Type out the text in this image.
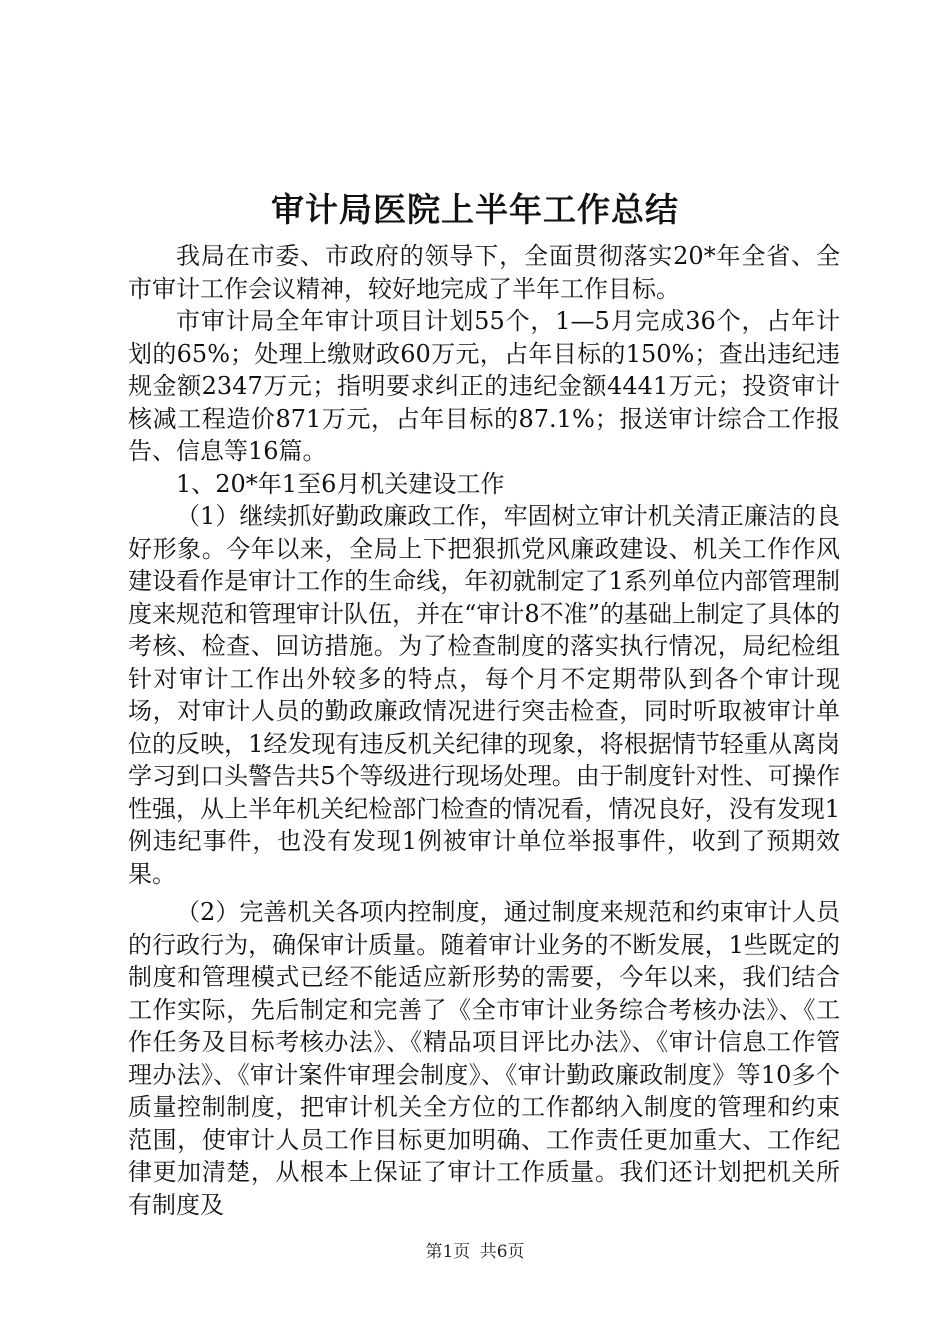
审计局医院上半年工作总结

我局在市委、市政府的领导下，全面贯彻落实20*年全省、全市审计工作会议精神，较好地完成了半年工作目标。

市审计局全年审计项目计划55个，1—5月完成36个，占年计划的65%；处理上缴财政60万元，占年目标的150%；查出违纪违规金额2347万元；指明要求纠正的违纪金额4441万元；投资审计核减工程造价871万元，占年目标的87.1%；报送审计综合工作报告、信息等16篇。

1、20*年1至6月机关建设工作

（1）继续抓好勤政廉政工作，牢固树立审计机关清正廉洁的良好形象。今年以来，全局上下把狠抓党风廉政建设、机关工作作风建设看作是审计工作的生命线，年初就制定了1系列单位内部管理制度来规范和管理审计队伍，并在“审计8不准”的基础上制定了具体的考核、检查、回访措施。为了检查制度的落实执行情况，局纪检组针对审计工作出外较多的特点，每个月不定期带队到各个审计现场，对审计人员的勤政廉政情况进行突击检查，同时听取被审计单位的反映，1经发现有违反机关纪律的现象，将根据情节轻重从离岗学习到口头警告共5个等级进行现场处理。由于制度针对性、可操作性强，从上半年机关纪检部门检查的情况看，情况良好，没有发现1例违纪事件，也没有发现1例被审计单位举报事件，收到了预期效果。

（2）完善机关各项内控制度，通过制度来规范和约束审计人员的行政行为，确保审计质量。随着审计业务的不断发展，1些既定的制度和管理模式已经不能适应新形势的需要，今年以来，我们结合工作实际，先后制定和完善了《全市审计业务综合考核办法》、《工作任务及目标考核办法》、《精品项目评比办法》、《审计信息工作管理办法》、《审计案件审理会制度》、《审计勤政廉政制度》等10多个质量控制制度，把审计机关全方位的工作都纳入制度的管理和约束范围，使审计人员工作目标更加明确、工作责任更加重大、工作纪律更加清楚，从根本上保证了审计工作质量。我们还计划把机关所有制度及

第1页 共6页
